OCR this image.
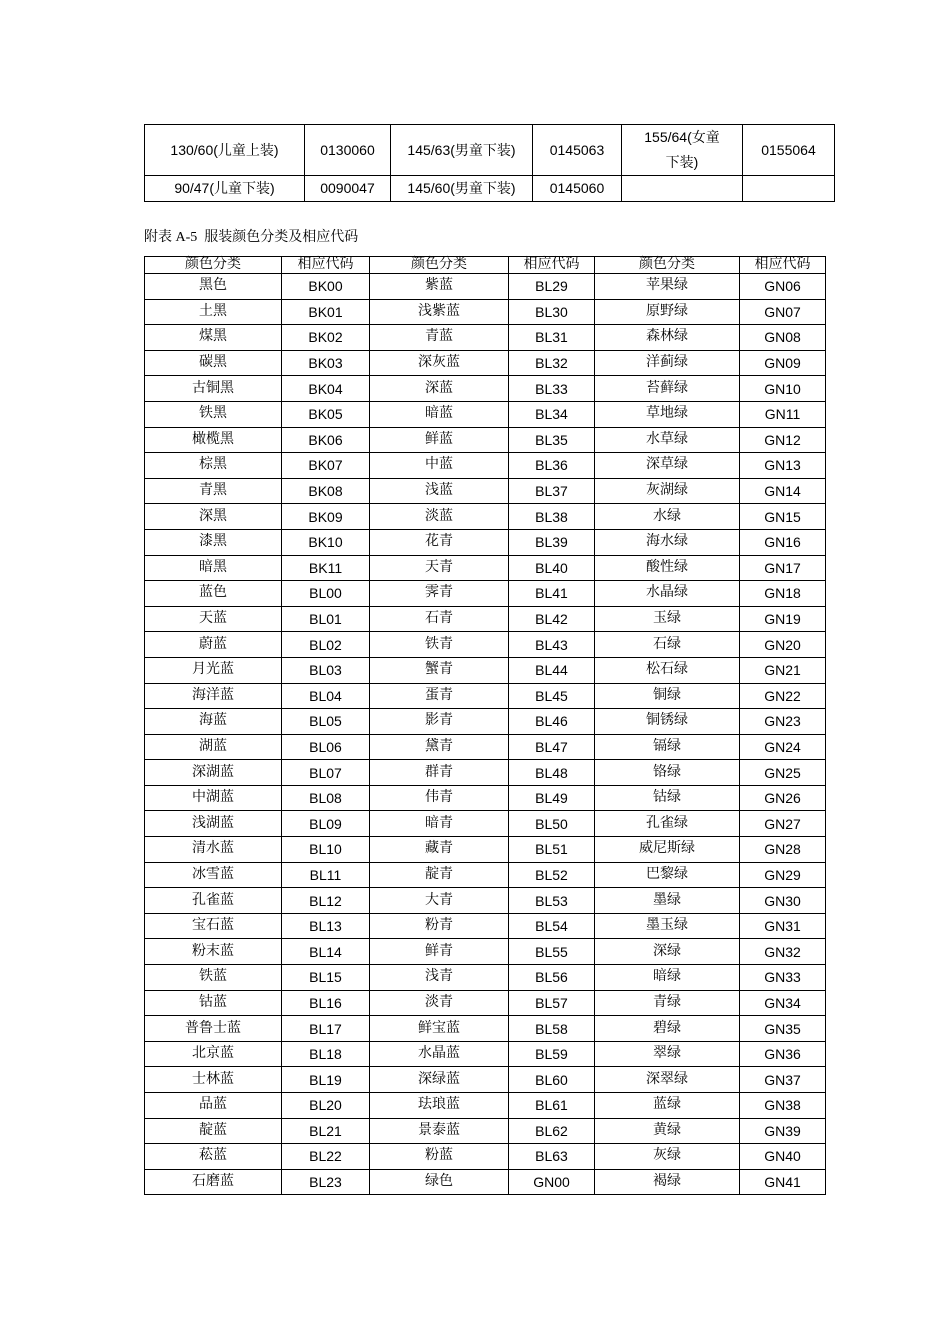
130/60(儿童上装)	0130060	145/63(男童下装)	0145063	155/64(女童下装)	0155064
90/47(儿童下装)	0090047	145/60(男童下装)	0145060		
附表 A-5  服装颜色分类及相应代码
颜色分类	相应代码	颜色分类	相应代码	颜色分类	相应代码
黑色	BK00	紫蓝	BL29	苹果绿	GN06
土黑	BK01	浅紫蓝	BL30	原野绿	GN07
煤黑	BK02	青蓝	BL31	森林绿	GN08
碳黑	BK03	深灰蓝	BL32	洋蓟绿	GN09
古铜黑	BK04	深蓝	BL33	苔藓绿	GN10
铁黑	BK05	暗蓝	BL34	草地绿	GN11
橄榄黑	BK06	鲜蓝	BL35	水草绿	GN12
棕黑	BK07	中蓝	BL36	深草绿	GN13
青黑	BK08	浅蓝	BL37	灰湖绿	GN14
深黑	BK09	淡蓝	BL38	水绿	GN15
漆黑	BK10	花青	BL39	海水绿	GN16
暗黑	BK11	天青	BL40	酸性绿	GN17
蓝色	BL00	霁青	BL41	水晶绿	GN18
天蓝	BL01	石青	BL42	玉绿	GN19
蔚蓝	BL02	铁青	BL43	石绿	GN20
月光蓝	BL03	蟹青	BL44	松石绿	GN21
海洋蓝	BL04	蛋青	BL45	铜绿	GN22
海蓝	BL05	影青	BL46	铜锈绿	GN23
湖蓝	BL06	黛青	BL47	镉绿	GN24
深湖蓝	BL07	群青	BL48	铬绿	GN25
中湖蓝	BL08	伟青	BL49	钴绿	GN26
浅湖蓝	BL09	暗青	BL50	孔雀绿	GN27
清水蓝	BL10	藏青	BL51	威尼斯绿	GN28
冰雪蓝	BL11	靛青	BL52	巴黎绿	GN29
孔雀蓝	BL12	大青	BL53	墨绿	GN30
宝石蓝	BL13	粉青	BL54	墨玉绿	GN31
粉末蓝	BL14	鲜青	BL55	深绿	GN32
铁蓝	BL15	浅青	BL56	暗绿	GN33
钴蓝	BL16	淡青	BL57	青绿	GN34
普鲁士蓝	BL17	鲜宝蓝	BL58	碧绿	GN35
北京蓝	BL18	水晶蓝	BL59	翠绿	GN36
士林蓝	BL19	深绿蓝	BL60	深翠绿	GN37
品蓝	BL20	珐琅蓝	BL61	蓝绿	GN38
靛蓝	BL21	景泰蓝	BL62	黄绿	GN39
菘蓝	BL22	粉蓝	BL63	灰绿	GN40
石磨蓝	BL23	绿色	GN00	褐绿	GN41
